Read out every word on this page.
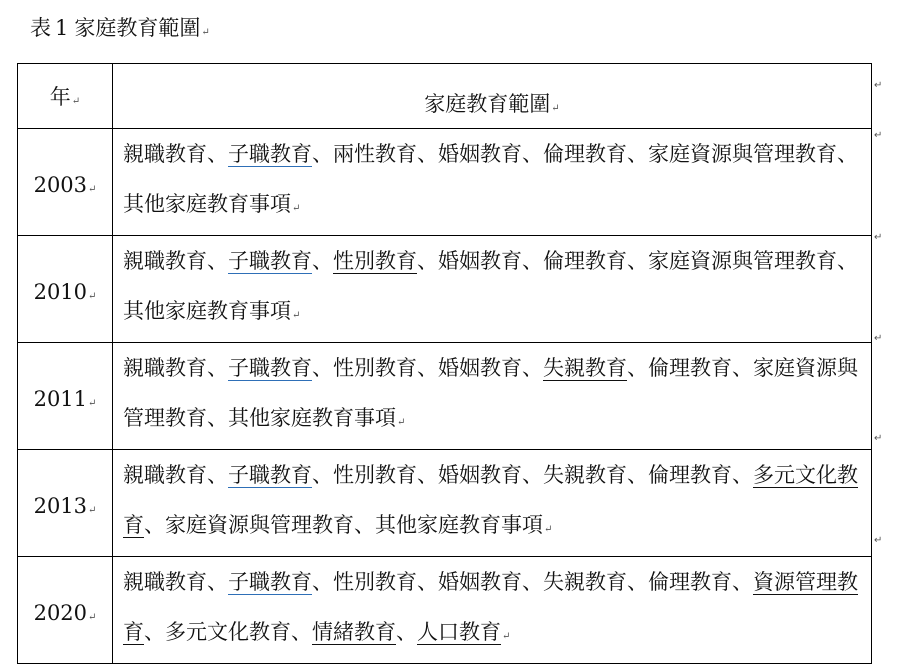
表 1 家庭教育範圍↵
年↵	家庭教育範圍↵
2003↵	親職教育、子職教育、兩性教育、婚姻教育、倫理教育、家庭資源與管理教育、其他家庭教育事項↵
2010↵	親職教育、子職教育、性別教育、婚姻教育、倫理教育、家庭資源與管理教育、其他家庭教育事項↵
2011↵	親職教育、子職教育、性別教育、婚姻教育、失親教育、倫理教育、家庭資源與管理教育、其他家庭教育事項↵
2013↵	親職教育、子職教育、性別教育、婚姻教育、失親教育、倫理教育、多元文化教育、家庭資源與管理教育、其他家庭教育事項↵
2020↵	親職教育、子職教育、性別教育、婚姻教育、失親教育、倫理教育、資源管理教育、多元文化教育、情緒教育、人口教育↵
↵
↵
↵
↵
↵
↵
